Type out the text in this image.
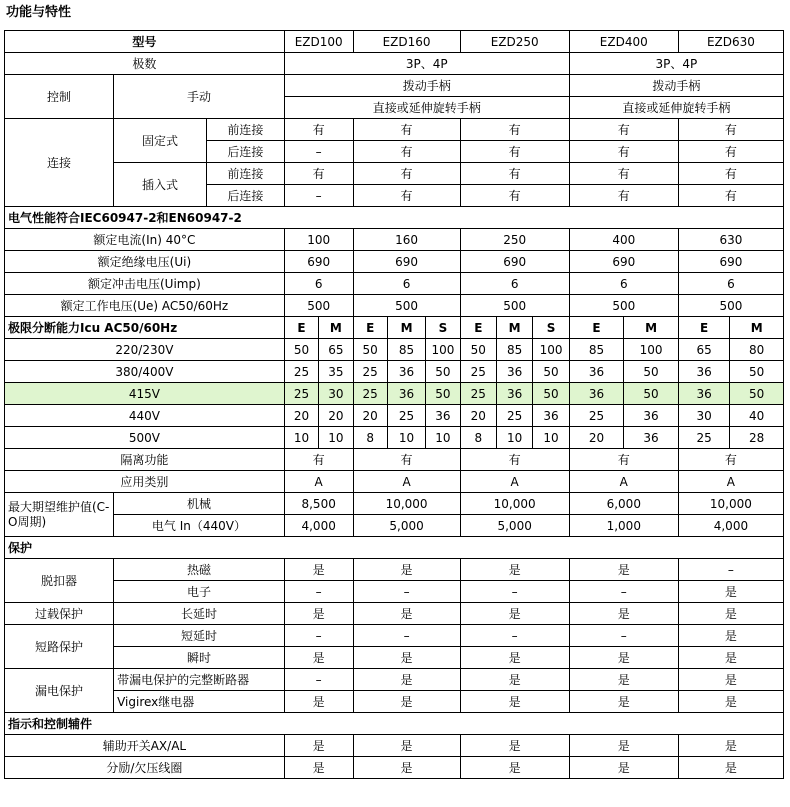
功能与特性
型号			EZD100		EZD160			EZD250			EZD400		EZD630	
极数			3P、4P								3P、4P			
控制	手动		拨动手柄								拨动手柄			
			直接或延伸旋转手柄								直接或延伸旋转手柄			
连接	固定式	前连接	有		有			有			有		有	
		后连接	–		有			有			有		有	
	插入式	前连接	有		有			有			有		有	
		后连接	–		有			有			有		有	
电气性能符合IEC60947-2和EN60947-2														
额定电流(In) 40°C			100		160			250			400		630	
额定绝缘电压(Ui)			690		690			690			690		690	
额定冲击电压(Uimp)			6		6			6			6		6	
额定工作电压(Ue) AC50/60Hz			500		500			500			500		500	
极限分断能力Icu AC50/60Hz			E	M	E	M	S	E	M	S	E	M	E	M
220/230V			50	65	50	85	100	50	85	100	85	100	65	80
380/400V			25	35	25	36	50	25	36	50	36	50	36	50
415V			25	30	25	36	50	25	36	50	36	50	36	50
440V			20	20	20	25	36	20	25	36	25	36	30	40
500V			10	10	8	10	10	8	10	10	20	36	25	28
隔离功能			有		有			有			有		有	
应用类别			A		A			A			A		A	
最大期望维护值(C-O周期)	机械		8,500		10,000			10,000			6,000		10,000	
	电气 In（440V）		4,000		5,000			5,000			1,000		4,000	
保护														
脱扣器	热磁		是		是			是			是		–	
	电子		–		–			–			–		是	
过载保护	长延时		是		是			是			是		是	
短路保护	短延时		–		–			–			–		是	
	瞬时		是		是			是			是		是	
漏电保护	带漏电保护的完整断路器		–		是			是			是		是	
	Vigirex继电器		是		是			是			是		是	
指示和控制辅件														
辅助开关AX/AL			是		是			是			是		是	
分励/欠压线圈			是		是			是			是		是	
